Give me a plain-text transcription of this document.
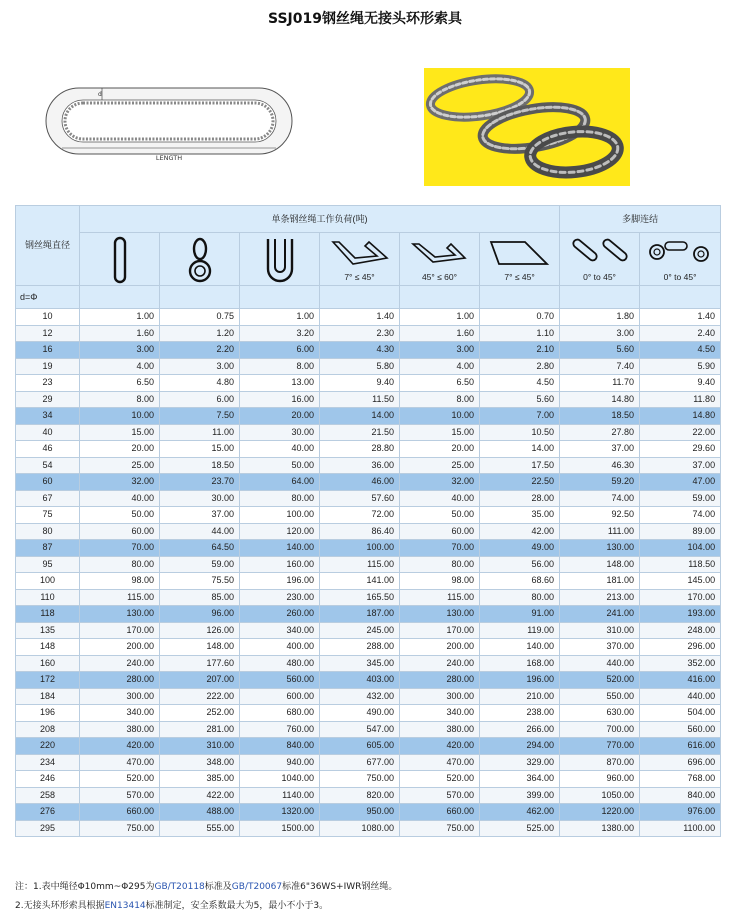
SSJ019钢丝绳无接头环形索具
d
LENGTH
钢丝绳直径	单条钢丝绳工作负荷(吨)						多脚连结	

7° ≤ 45°	45° ≤ 60°	7° ≤ 45°	0° to 45°	0° to 45°

d=Φ								
10	1.00	0.75	1.00	1.40	1.00	0.70	1.80	1.40
12	1.60	1.20	3.20	2.30	1.60	1.10	3.00	2.40
16	3.00	2.20	6.00	4.30	3.00	2.10	5.60	4.50
19	4.00	3.00	8.00	5.80	4.00	2.80	7.40	5.90
23	6.50	4.80	13.00	9.40	6.50	4.50	11.70	9.40
29	8.00	6.00	16.00	11.50	8.00	5.60	14.80	11.80
34	10.00	7.50	20.00	14.00	10.00	7.00	18.50	14.80
40	15.00	11.00	30.00	21.50	15.00	10.50	27.80	22.00
46	20.00	15.00	40.00	28.80	20.00	14.00	37.00	29.60
54	25.00	18.50	50.00	36.00	25.00	17.50	46.30	37.00
60	32.00	23.70	64.00	46.00	32.00	22.50	59.20	47.00
67	40.00	30.00	80.00	57.60	40.00	28.00	74.00	59.00
75	50.00	37.00	100.00	72.00	50.00	35.00	92.50	74.00
80	60.00	44.00	120.00	86.40	60.00	42.00	111.00	89.00
87	70.00	64.50	140.00	100.00	70.00	49.00	130.00	104.00
95	80.00	59.00	160.00	115.00	80.00	56.00	148.00	118.50
100	98.00	75.50	196.00	141.00	98.00	68.60	181.00	145.00
110	115.00	85.00	230.00	165.50	115.00	80.00	213.00	170.00
118	130.00	96.00	260.00	187.00	130.00	91.00	241.00	193.00
135	170.00	126.00	340.00	245.00	170.00	119.00	310.00	248.00
148	200.00	148.00	400.00	288.00	200.00	140.00	370.00	296.00
160	240.00	177.60	480.00	345.00	240.00	168.00	440.00	352.00
172	280.00	207.00	560.00	403.00	280.00	196.00	520.00	416.00
184	300.00	222.00	600.00	432.00	300.00	210.00	550.00	440.00
196	340.00	252.00	680.00	490.00	340.00	238.00	630.00	504.00
208	380.00	281.00	760.00	547.00	380.00	266.00	700.00	560.00
220	420.00	310.00	840.00	605.00	420.00	294.00	770.00	616.00
234	470.00	348.00	940.00	677.00	470.00	329.00	870.00	696.00
246	520.00	385.00	1040.00	750.00	520.00	364.00	960.00	768.00
258	570.00	422.00	1140.00	820.00	570.00	399.00	1050.00	840.00
276	660.00	488.00	1320.00	950.00	660.00	462.00	1220.00	976.00
295	750.00	555.00	1500.00	1080.00	750.00	525.00	1380.00	1100.00
注：1.表中绳径Φ10mm~Φ295为GB/T20118标准及GB/T20067标准6"36WS+IWR钢丝绳。
2.无接头环形索具根据EN13414标准制定，安全系数最大为5，最小不小于3。
